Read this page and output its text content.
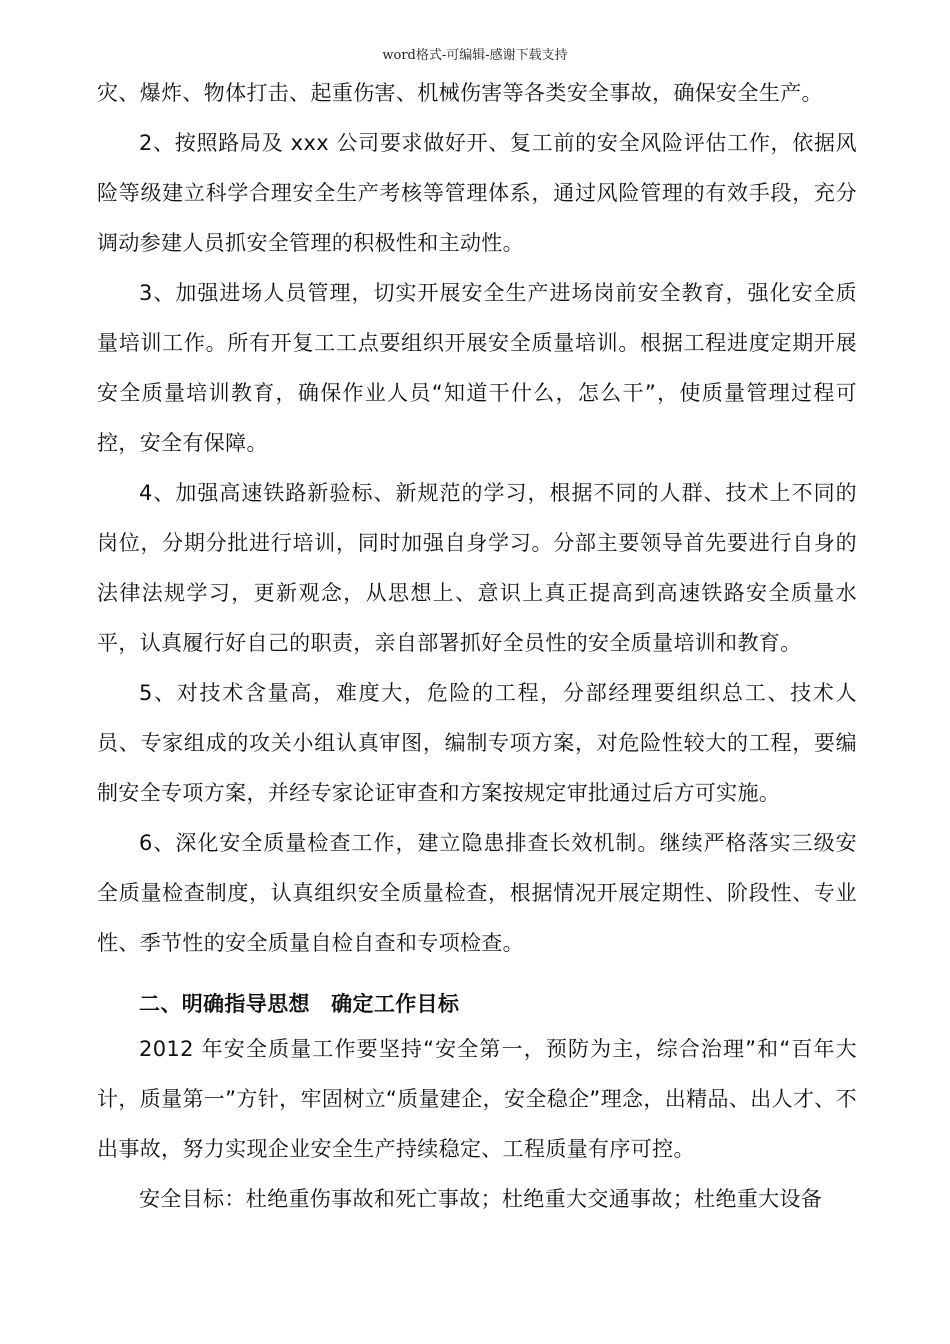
word格式-可编辑-感谢下载支持

灾、爆炸、物体打击、起重伤害、机械伤害等各类安全事故，确保安全生产。

2、按照路局及 xxx 公司要求做好开、复工前的安全风险评估工作，依据风险等级建立科学合理安全生产考核等管理体系，通过风险管理的有效手段，充分调动参建人员抓安全管理的积极性和主动性。

3、加强进场人员管理，切实开展安全生产进场岗前安全教育，强化安全质量培训工作。所有开复工工点要组织开展安全质量培训。根据工程进度定期开展安全质量培训教育，确保作业人员“知道干什么，怎么干”，使质量管理过程可控，安全有保障。

4、加强高速铁路新验标、新规范的学习，根据不同的人群、技术上不同的岗位，分期分批进行培训，同时加强自身学习。分部主要领导首先要进行自身的法律法规学习，更新观念，从思想上、意识上真正提高到高速铁路安全质量水平，认真履行好自己的职责，亲自部署抓好全员性的安全质量培训和教育。

5、对技术含量高，难度大，危险的工程，分部经理要组织总工、技术人员、专家组成的攻关小组认真审图，编制专项方案，对危险性较大的工程，要编制安全专项方案，并经专家论证审查和方案按规定审批通过后方可实施。

6、深化安全质量检查工作，建立隐患排查长效机制。继续严格落实三级安全质量检查制度，认真组织安全质量检查，根据情况开展定期性、阶段性、专业性、季节性的安全质量自检自查和专项检查。

二、明确指导思想　确定工作目标

2012 年安全质量工作要坚持“安全第一，预防为主，综合治理”和“百年大计，质量第一”方针，牢固树立“质量建企，安全稳企”理念，出精品、出人才、不出事故，努力实现企业安全生产持续稳定、工程质量有序可控。

安全目标：杜绝重伤事故和死亡事故；杜绝重大交通事故；杜绝重大设备
